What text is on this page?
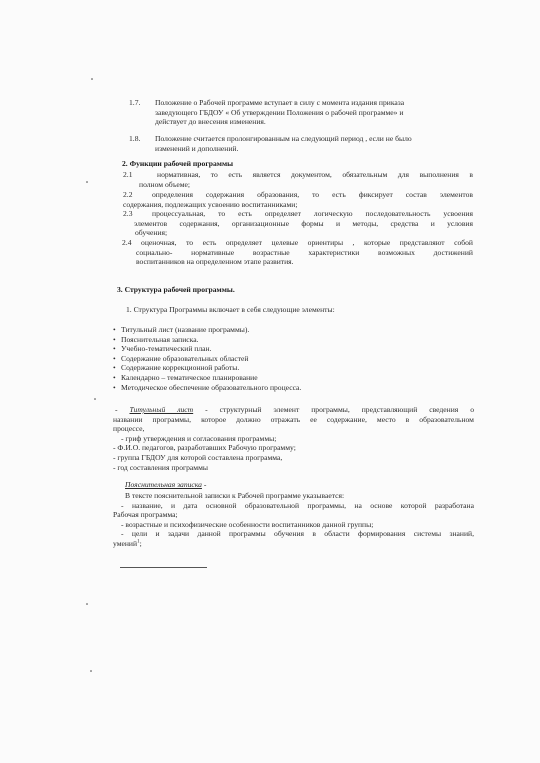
1.7. Положение о Рабочей программе вступает в силу с момента издания приказа
заведующего ГБДОУ « Об утверждении Положения о рабочей программе» и
действует до внесения изменения.
1.8. Положение считается пролонгированным на следующий период , если не было
изменений и дополнений.
2. Функции рабочей программы
2.1	нормативная, то есть является документом, обязательным для выполнения в
полном объеме;
2.2	определения содержания образования, то есть фиксирует состав элементов
содержания, подлежащих усвоению воспитанниками;
2.3	процессуальная, то есть определяет логическую последовательность усвоения
элементов содержания, организационные формы и методы, средства и условия
обучения;
2.4 оценочная, то есть определяет целевые ориентиры , которые представляют собой
социально- нормативные возрастные характеристики возможных достижений
воспитанников на определенном этапе развития.
3. Структура рабочей программы.
1. Структура Программы включает в себя следующие элементы:
• Титульный лист (название программы).
• Пояснительная записка.
• Учебно-тематический план.
• Содержание образовательных областей
• Содержание коррекционной работы.
• Календарно – тематическое планирование
• Методическое обеспечение образовательного процесса.
- Титульный лист - структурный элемент программы, представляющий сведения о
названии программы, которое должно отражать ее содержание, место в образовательном
процессе,
- гриф утверждения и согласования программы;
- Ф.И.О. педагогов, разработавших Рабочую программу;
- группа ГБДОУ для которой составлена программа,
- год составления программы
Пояснительная записка -
В тексте пояснительной записки к Рабочей программе указывается:
- название, и дата основной образовательной программы, на основе которой разработана
Рабочая программа;
- возрастные и психофизические особенности воспитанников данной группы;
- цели и задачи данной программы обучения в области формирования системы знаний,
умений$^1$;
